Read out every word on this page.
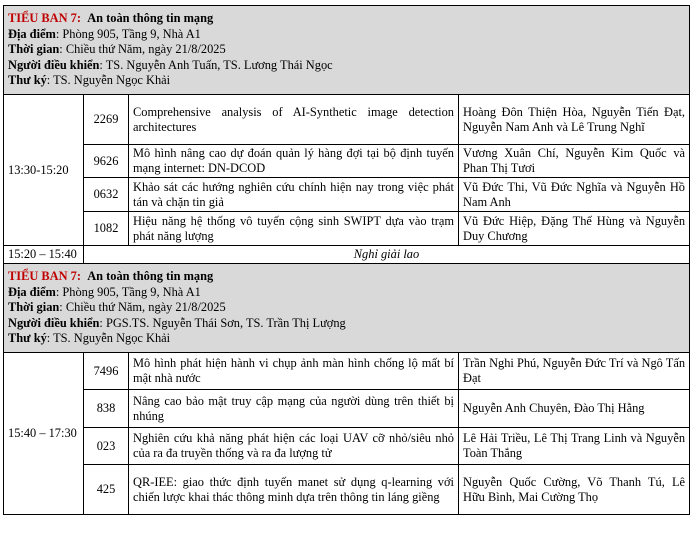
TIỂU BAN 7: An toàn thông tin mạng
Địa điểm: Phòng 905, Tầng 9, Nhà A1
Thời gian: Chiều thứ Năm, ngày 21/8/2025
Người điều khiển: TS. Nguyễn Anh Tuấn, TS. Lương Thái Ngọc
Thư ký: TS. Nguyễn Ngọc Khải			

13:30-15:20	2269	Comprehensive analysis of AI-Synthetic image detection architectures	Hoàng Đôn Thiện Hòa, Nguyễn Tiến Đạt, Nguyễn Nam Anh và Lê Trung Nghĩ
	9626	Mô hình nâng cao dự đoán quản lý hàng đợi tại bộ định tuyến mạng internet: DN-DCOD	Vương Xuân Chí, Nguyễn Kim Quốc và Phan Thị Tươi
	0632	Khảo sát các hướng nghiên cứu chính hiện nay trong việc phát tán và chặn tin giả	Vũ Đức Thi, Vũ Đức Nghĩa và Nguyễn Hồ Nam Anh
	1082	Hiệu năng hệ thống vô tuyến cộng sinh SWIPT dựa vào trạm phát năng lượng	Vũ Đức Hiệp, Đặng Thế Hùng và Nguyễn Duy Chương
15:20 – 15:40	Nghỉ giải lao		

TIỂU BAN 7: An toàn thông tin mạng
Địa điểm: Phòng 905, Tầng 9, Nhà A1
Thời gian: Chiều thứ Năm, ngày 21/8/2025
Người điều khiển: PGS.TS. Nguyễn Thái Sơn, TS. Trần Thị Lượng
Thư ký: TS. Nguyễn Ngọc Khải			

15:40 – 17:30	7496	Mô hình phát hiện hành vi chụp ảnh màn hình chống lộ mất bí mật nhà nước	Trần Nghi Phú, Nguyễn Đức Trí và Ngô Tấn Đạt
	838	Nâng cao bảo mật truy cập mạng của người dùng trên thiết bị nhúng	Nguyễn Anh Chuyên, Đào Thị Hằng
	023	Nghiên cứu khả năng phát hiện các loại UAV cỡ nhỏ/siêu nhỏ của ra đa truyền thống và ra đa lượng tử	Lê Hải Triều, Lê Thị Trang Linh và Nguyễn Toàn Thắng
	425	QR-IEE: giao thức định tuyến manet sử dụng q-learning với chiến lược khai thác thông minh dựa trên thông tin láng giềng	Nguyễn Quốc Cường, Võ Thanh Tú, Lê Hữu Bình, Mai Cường Thọ
